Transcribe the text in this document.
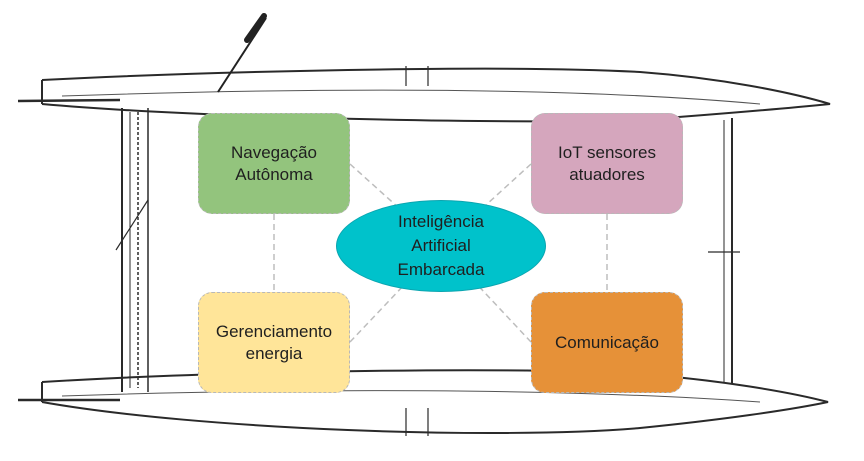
Navegação
Autônoma
IoT sensores
atuadores
Gerenciamento
energia
Comunicação
Inteligência
Artificial
Embarcada
